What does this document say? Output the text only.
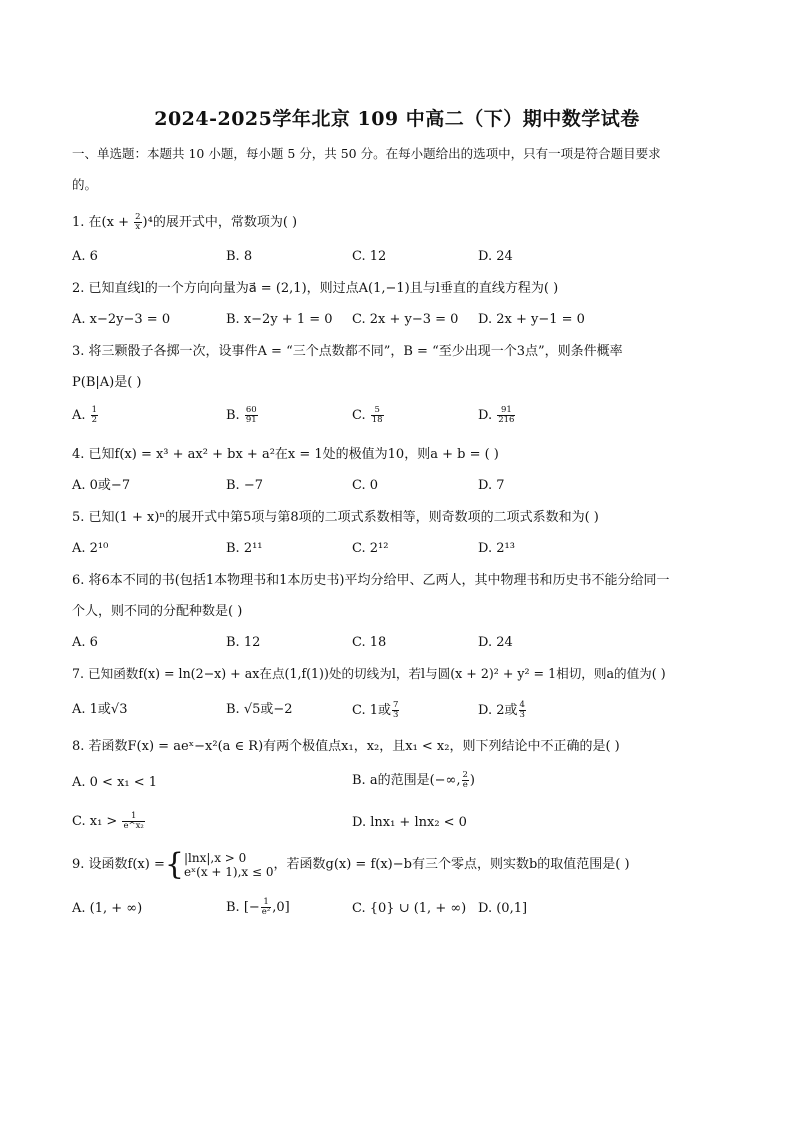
2024-2025学年北京 109 中高二（下）期中数学试卷
一、单选题：本题共 10 小题，每小题 5 分，共 50 分。在每小题给出的选项中，只有一项是符合题目要求
的。
1. 在$(x + \frac{2}{x} )^4$的展开式中，常数项为( )
A. 6	B. 8	C. 12	D. 24
2. 已知直线l的一个方向向量为a⃗ = (2,1)，则过点A(1,−1)且与l垂直的直线方程为( )
A. x−2y−3 = 0	B. x−2y + 1 = 0 C. 2x + y−3 = 0 D. 2x + y−1 = 0
3. 将三颗骰子各掷一次，设事件A = “三个点数都不同”，B = “至少出现一个3点”，则条件概率
P(B|A)是( )
A. $\frac{1}{2}$	B. $\frac{60}{91}$	C. $\frac{5}{18}$	D. $\frac{91}{216}$
4. 已知f(x) = x³ + ax² + bx + a²在x = 1处的极值为10，则a + b = ( )
A. 0或−7	B. −7	C. 0	D. 7
5. 已知(1 + x)ⁿ的展开式中第5项与第8项的二项式系数相等，则奇数项的二项式系数和为( )
A. 2¹⁰	B. 2¹¹	C. 2¹²	D. 2¹³
6. 将6本不同的书(包括1本物理书和1本历史书)平均分给甲、乙两人，其中物理书和历史书不能分给同一
个人，则不同的分配种数是( )
A. 6	B. 12	C. 18	D. 24
7. 已知函数f(x) = ln(2−x) + ax在点(1,f(1))处的切线为l，若l与圆(x + 2)² + y² = 1相切，则a的值为( )
A. 1或√3	B. √5或−2	C. 1或 $\frac{7}{3}$	D. 2或 $\frac{4}{3}$
8. 若函数F(x) = aeˣ−x²(a ∈ R)有两个极值点x₁，x₂，且x₁ < x₂，则下列结论中不正确的是( )
A. 0 < x₁ < 1	B. a的范围是(−∞, $\frac{2}{e}$ )
C. $x_1 > \frac{1}{\text{e\textasciicircum{}x₂}}$	D. lnx₁ + lnx₂ < 0
9. 设函数f(x) ={ |lnx|,x > 0
eˣ(x + 1),x ≤ 0 ，若函数g(x) = f(x)−b有三个零点，则实数b的取值范围是( )
A. (1, + ∞)	B. [− $\frac{1}{\text{e²}} ,0$]	C. {0} ∪ (1, + ∞) D. (0,1]
